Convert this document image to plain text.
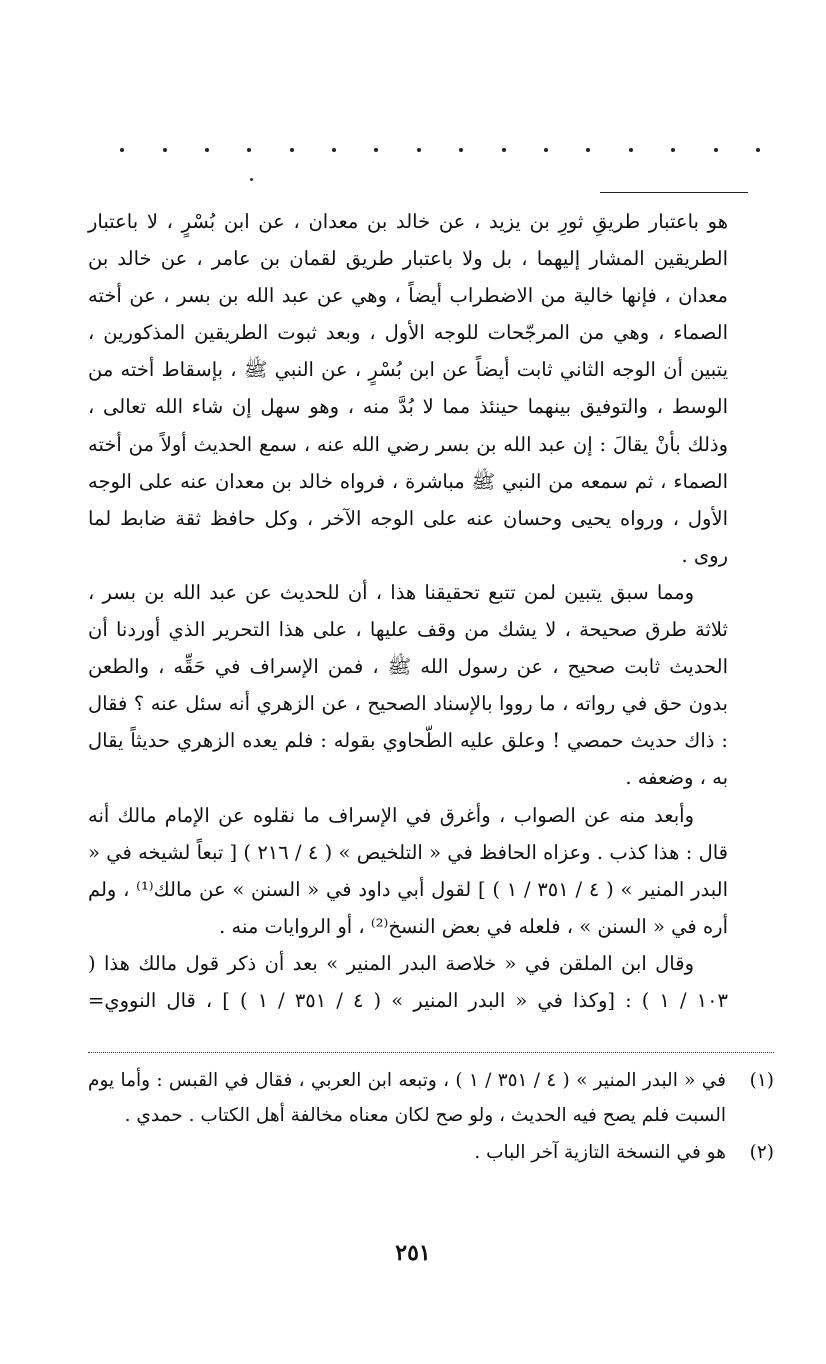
هو باعتبار طريقِ ثورِ بن يزيد ، عن خالد بن معدان ، عن ابن بُسْرٍ ، لا باعتبار الطريقين المشار إليهما ، بل ولا باعتبار طريق لقمان بن عامر ، عن خالد بن معدان ، فإنها خالية من الاضطراب أيضاً ، وهي عن عبد الله بن بسر ، عن أخته الصماء ، وهي من المرجّحات للوجه الأول ، وبعد ثبوت الطريقين المذكورين ، يتبين أن الوجه الثاني ثابت أيضاً عن ابن بُسْرٍ ، عن النبي ﷺ ، بإسقاط أخته من الوسط ، والتوفيق بينهما حينئذ مما لا بُدَّ منه ، وهو سهل إن شاء الله تعالى ، وذلك بأنْ يقالَ : إن عبد الله بن بسر رضي الله عنه ، سمع الحديث أولاً من أخته الصماء ، ثم سمعه من النبي ﷺ مباشرة ، فرواه خالد بن معدان عنه على الوجه الأول ، ورواه يحيى وحسان عنه على الوجه الآخر ، وكل حافظ ثقة ضابط لما روى .

ومما سبق يتبين لمن تتبع تحقيقنا هذا ، أن للحديث عن عبد الله بن بسر ، ثلاثة طرق صحيحة ، لا يشك من وقف عليها ، على هذا التحرير الذي أوردنا أن الحديث ثابت صحيح ، عن رسول الله ﷺ ، فمن الإسراف في حَقِّه ، والطعن بدون حق في رواته ، ما رووا بالإسناد الصحيح ، عن الزهري أنه سئل عنه ؟ فقال : ذاك حديث حمصي ! وعلق عليه الطّحاوي بقوله : فلم يعده الزهري حديثاً يقال به ، وضعفه .

وأبعد منه عن الصواب ، وأغرق في الإسراف ما نقلوه عن الإمام مالك أنه قال : هذا كذب . وعزاه الحافظ في « التلخيص » ( ٤ / ٢١٦ ) [ تبعاً لشيخه في « البدر المنير » ( ٤ / ٣٥١ / ١ ) ] لقول أبي داود في « السنن » عن مالك⁽¹⁾ ، ولم أره في « السنن » ، فلعله في بعض النسخ⁽²⁾ ، أو الروايات منه .

وقال ابن الملقن في « خلاصة البدر المنير » بعد أن ذكر قول مالك هذا ( ١٠٣ / ١ ) : [وكذا في « البدر المنير » ( ٤ / ٣٥١ / ١ ) ] ، قال النووي=

(١)
في « البدر المنير » ( ٤ / ٣٥١ / ١ ) ، وتبعه ابن العربي ، فقال في القبس : وأما يوم السبت فلم يصح فيه الحديث ، ولو صح لكان معناه مخالفة أهل الكتاب . حمدي .
(٢)
هو في النسخة التازية آخر الباب .
٢٥١
